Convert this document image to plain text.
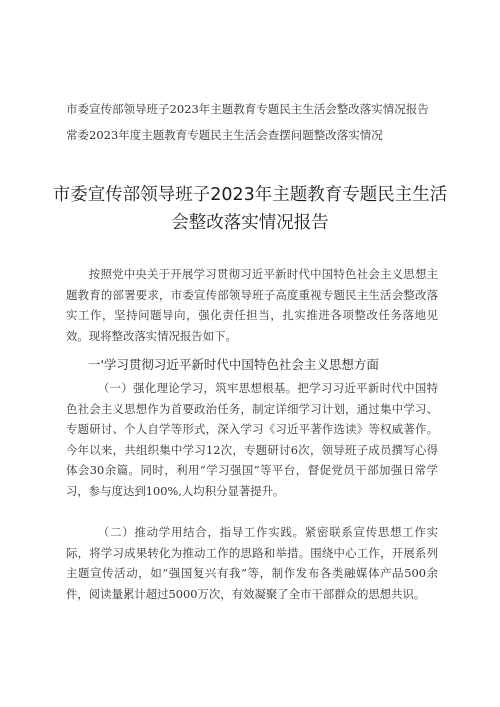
市委宣传部领导班子2023年主题教育专题民主生活会整改落实情况报告
常委2023年度主题教育专题民主生活会查摆问题整改落实情况
市委宣传部领导班子2023年主题教育专题民主生活会整改落实情况报告
按照党中央关于开展学习贯彻习近平新时代中国特色社会主义思想主题教育的部署要求，市委宣传部领导班子高度重视专题民主生活会整改落实工作，坚持问题导向，强化责任担当，扎实推进各项整改任务落地见效。现将整改落实情况报告如下。
一'学习贯彻习近平新时代中国特色社会主义思想方面
（一）强化理论学习，筑牢思想根基。把学习习近平新时代中国特色社会主义思想作为首要政治任务，制定详细学习计划，通过集中学习、专题研讨、个人自学等形式，深入学习《习近平著作选读》等权威著作。今年以来，共组织集中学习12次，专题研讨6次，领导班子成员撰写心得体会30余篇。同时，利用“学习强国”等平台，督促党员干部加强日常学习，参与度达到100%,人均积分显著提升。
（二）推动学用结合，指导工作实践。紧密联系宣传思想工作实际，将学习成果转化为推动工作的思路和举措。围绕中心工作，开展系列主题宣传活动，如“强国复兴有我”等，制作发布各类融媒体产品500余件，阅读量累计超过5000万次，有效凝聚了全市干部群众的思想共识。
